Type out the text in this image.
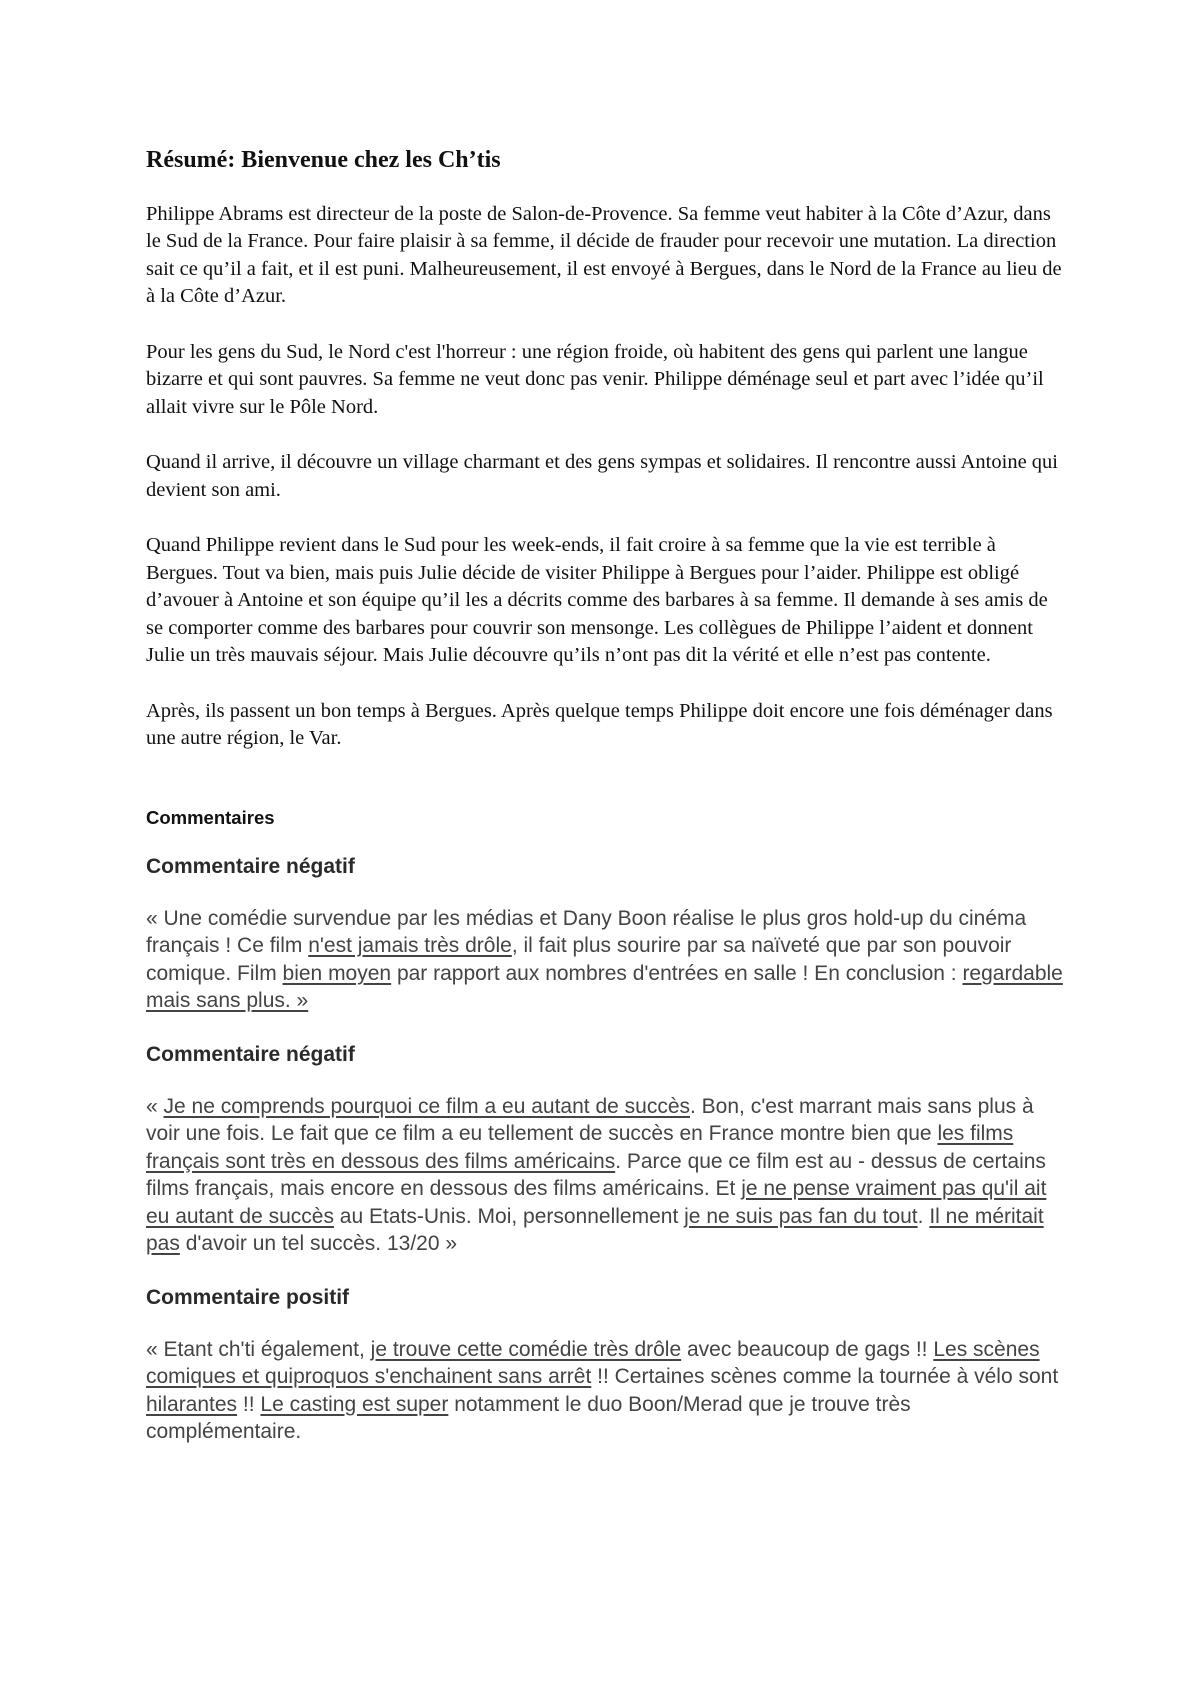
Résumé: Bienvenue chez les Ch’tis

Philippe Abrams est directeur de la poste de Salon-de-Provence. Sa femme veut habiter à la Côte d’Azur, dans le Sud de la France. Pour faire plaisir à sa femme, il décide de frauder pour recevoir une mutation. La direction sait ce qu’il a fait, et il est puni. Malheureusement, il est envoyé à Bergues, dans le Nord de la France au lieu de à la Côte d’Azur.

Pour les gens du Sud, le Nord c'est l'horreur : une région froide, où habitent des gens qui parlent une langue bizarre et qui sont pauvres. Sa femme ne veut donc pas venir. Philippe déménage seul et part avec l’idée qu’il allait vivre sur le Pôle Nord.

Quand il arrive, il découvre un village charmant et des gens sympas et solidaires. Il rencontre aussi Antoine qui devient son ami.

Quand Philippe revient dans le Sud pour les week-ends, il fait croire à sa femme que la vie est terrible à Bergues. Tout va bien, mais puis Julie décide de visiter Philippe à Bergues pour l’aider. Philippe est obligé d’avouer à Antoine et son équipe qu’il les a décrits comme des barbares à sa femme. Il demande à ses amis de se comporter comme des barbares pour couvrir son mensonge. Les collègues de Philippe l’aident et donnent Julie un très mauvais séjour. Mais Julie découvre qu’ils n’ont pas dit la vérité et elle n’est pas contente.

Après, ils passent un bon temps à Bergues. Après quelque temps Philippe doit encore une fois déménager dans une autre région, le Var.

Commentaires
Commentaire négatif

« Une comédie survendue par les médias et Dany Boon réalise le plus gros hold-up du cinéma français ! Ce film n'est jamais très drôle, il fait plus sourire par sa naïveté que par son pouvoir comique. Film bien moyen par rapport aux nombres d'entrées en salle ! En conclusion : regardable mais sans plus. »

Commentaire négatif

« Je ne comprends pourquoi ce film a eu autant de succès. Bon, c'est marrant mais sans plus à voir une fois. Le fait que ce film a eu tellement de succès en France montre bien que les films français sont très en dessous des films américains. Parce que ce film est au - dessus de certains films français, mais encore en dessous des films américains. Et je ne pense vraiment pas qu'il ait eu autant de succès au Etats-Unis. Moi, personnellement je ne suis pas fan du tout. Il ne méritait pas d'avoir un tel succès. 13/20 »

Commentaire positif

« Etant ch'ti également, je trouve cette comédie très drôle avec beaucoup de gags !! Les scènes comiques et quiproquos s'enchainent sans arrêt !! Certaines scènes comme la tournée à vélo sont hilarantes !! Le casting est super notamment le duo Boon/Merad que je trouve très complémentaire.
